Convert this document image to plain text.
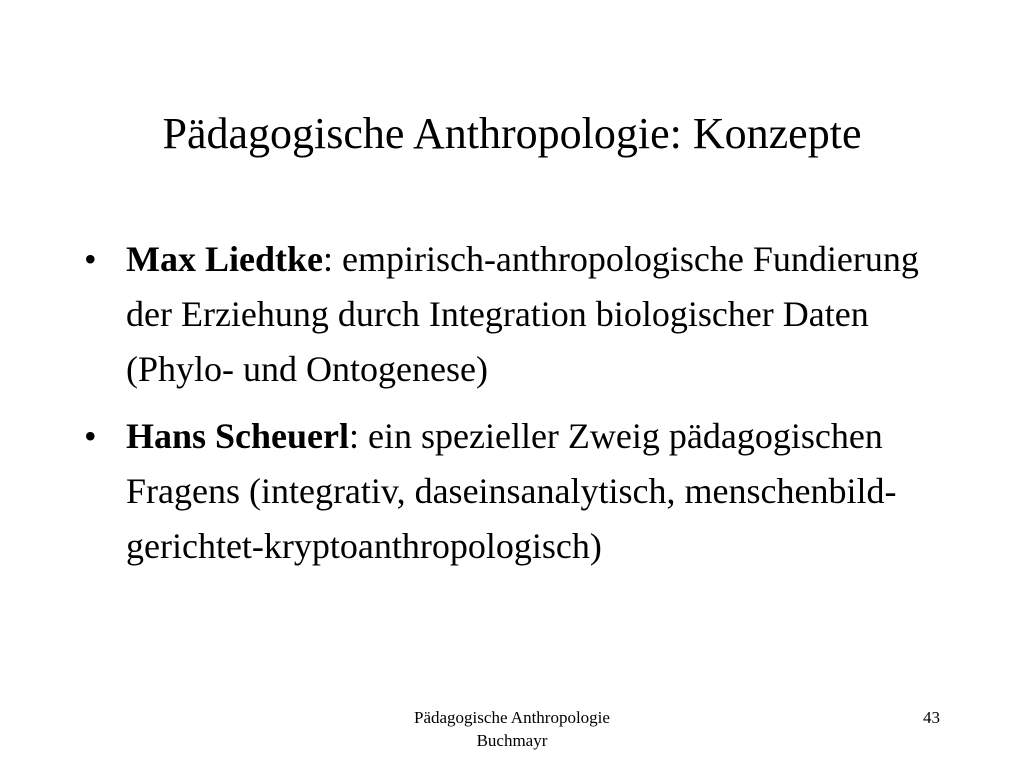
Pädagogische Anthropologie: Konzepte
• Max Liedtke: empirisch-anthropologische Fundierung der Erziehung durch Integration biologischer Daten (Phylo- und Ontogenese)
• Hans Scheuerl: ein spezieller Zweig pädagogischen Fragens (integrativ, daseinsanalytisch, menschenbild-gerichtet-kryptoanthropologisch)
Pädagogische Anthropologie
Buchmayr
43
